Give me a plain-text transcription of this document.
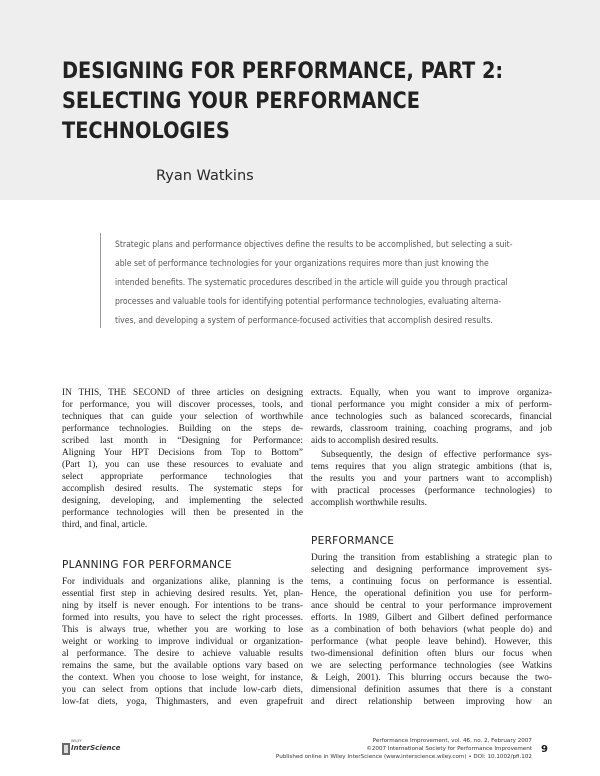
DESIGNING FOR PERFORMANCE, PART 2:
SELECTING YOUR PERFORMANCE
TECHNOLOGIES
Ryan Watkins
Strategic plans and performance objectives define the results to be accomplished, but selecting a suit-
able set of performance technologies for your organizations requires more than just knowing the
intended benefits. The systematic procedures described in the article will guide you through practical
processes and valuable tools for identifying potential performance technologies, evaluating alterna-
tives, and developing a system of performance-focused activities that accomplish desired results.
IN THIS, THE SECOND of three articles on designing
for performance, you will discover processes, tools, and
techniques that can guide your selection of worthwhile
performance technologies. Building on the steps de-
scribed last month in “Designing for Performance:
Aligning Your HPT Decisions from Top to Bottom”
(Part 1), you can use these resources to evaluate and
select appropriate performance technologies that
accomplish desired results. The systematic steps for
designing, developing, and implementing the selected
performance technologies will then be presented in the
third, and final, article.
PLANNING FOR PERFORMANCE
For individuals and organizations alike, planning is the
essential first step in achieving desired results. Yet, plan-
ning by itself is never enough. For intentions to be trans-
formed into results, you have to select the right processes.
This is always true, whether you are working to lose
weight or working to improve individual or organization-
al performance. The desire to achieve valuable results
remains the same, but the available options vary based on
the context. When you choose to lose weight, for instance,
you can select from options that include low-carb diets,
low-fat diets, yoga, Thighmasters, and even grapefruit
extracts. Equally, when you want to improve organiza-
tional performance you might consider a mix of perform-
ance technologies such as balanced scorecards, financial
rewards, classroom training, coaching programs, and job
aids to accomplish desired results.
Subsequently, the design of effective performance sys-
tems requires that you align strategic ambitions (that is,
the results you and your partners want to accomplish)
with practical processes (performance technologies) to
accomplish worthwhile results.
PERFORMANCE
During the transition from establishing a strategic plan to
selecting and designing performance improvement sys-
tems, a continuing focus on performance is essential.
Hence, the operational definition you use for perform-
ance should be central to your performance improvement
efforts. In 1989, Gilbert and Gilbert defined performance
as a combination of both behaviors (what people do) and
performance (what people leave behind). However, this
two-dimensional definition often blurs our focus when
we are selecting performance technologies (see Watkins
& Leigh, 2001). This blurring occurs because the two-
dimensional definition assumes that there is a constant
and direct relationship between improving how an
WILEY
InterScience
Performance Improvement, vol. 46, no. 2, February 2007
©2007 International Society for Performance Improvement
Published online in Wiley InterScience (www.interscience.wiley.com) • DOI: 10.1002/pfi.102
9
